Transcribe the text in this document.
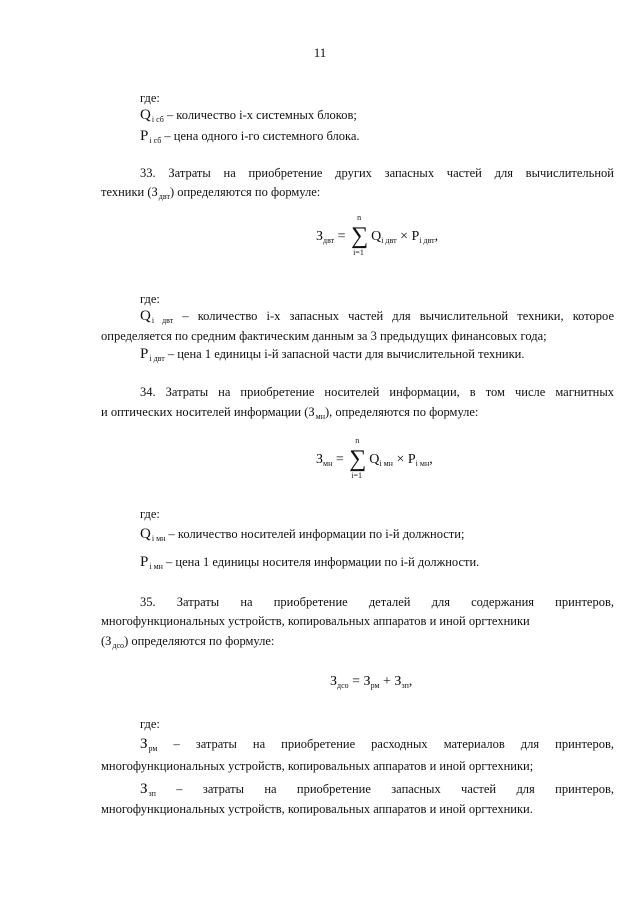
11
где:
$Q_{i сб}$ – количество i-х системных блоков;
$P_{i сб}$ – цена одного i-го системного блока.
33. Затраты на приобретение других запасных частей для вычислительной
техники $(З_{двт})$ определяются по формуле:
$З_{двт}$ =
n
∑
i=1
$Q_{i двт} \times P_{i двт}$,
где:
$Q_{i двт}$ – количество i-х запасных частей для вычислительной техники, которое
определяется по средним фактическим данным за 3 предыдущих финансовых года;
$P_{i двт}$ – цена 1 единицы i-й запасной части для вычислительной техники.
34. Затраты на приобретение носителей информации, в том числе магнитных
и оптических носителей информации $(З_{мн})$, определяются по формуле:
$З_{мн}$ =
n
∑
i=1
$Q_{i мн} \times P_{i мн}$,
где:
$Q_{i мн}$ – количество носителей информации по i-й должности;
$P_{i мн}$ – цена 1 единицы носителя информации по i-й должности.
35. Затраты на приобретение деталей для содержания принтеров,
многофункциональных устройств, копировальных аппаратов и иной оргтехники
$(З_{дсо})$ определяются по формуле:
$З_{дсо} = З_{рм} + З_{зп}$,
где:
$З_{рм}$ – затраты на приобретение расходных материалов для принтеров,
многофункциональных устройств, копировальных аппаратов и иной оргтехники;
$З_{зп}$ – затраты на приобретение запасных частей для принтеров,
многофункциональных устройств, копировальных аппаратов и иной оргтехники.
